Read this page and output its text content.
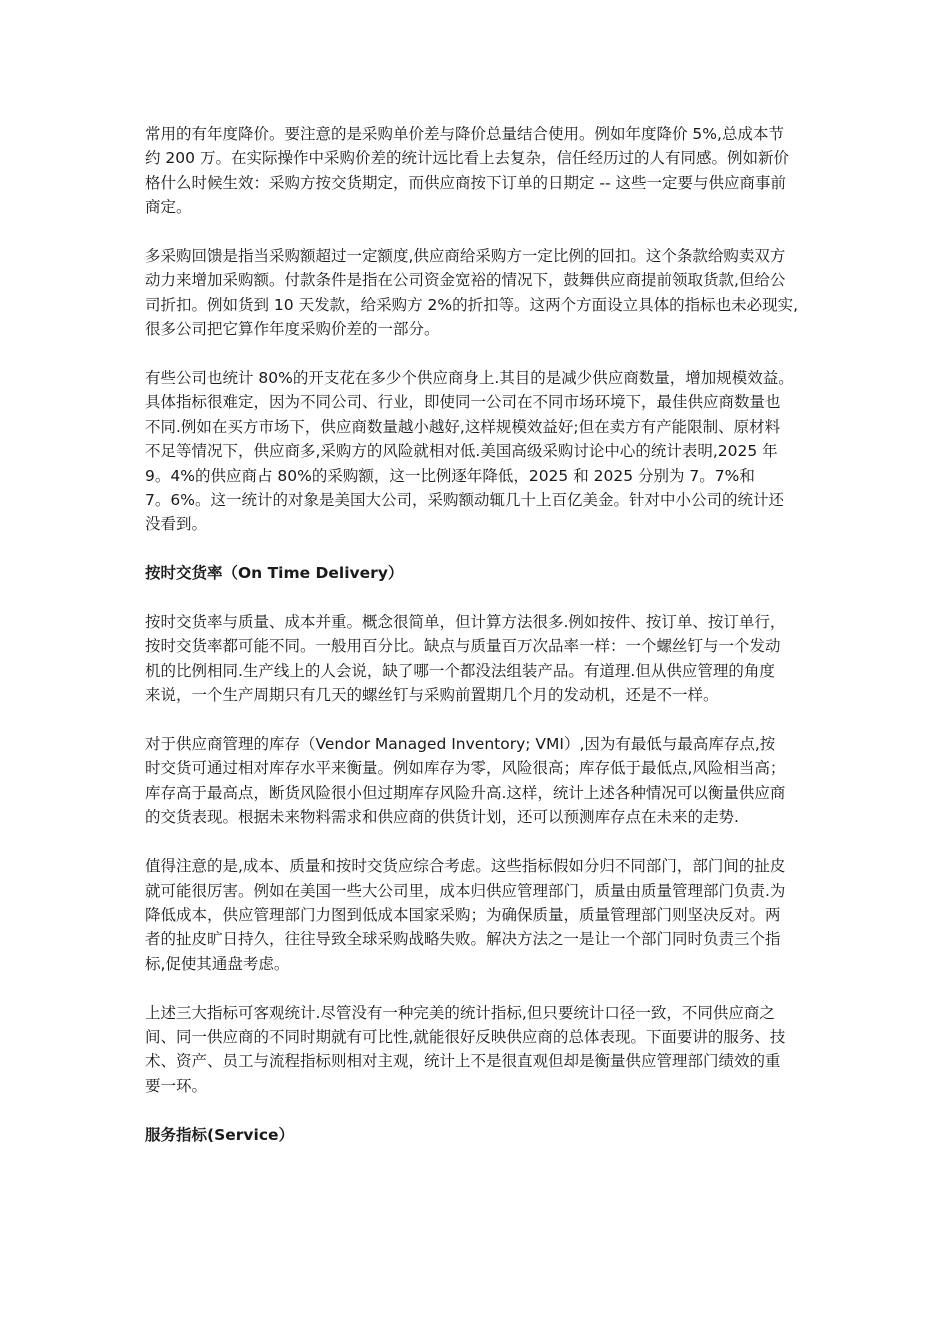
常用的有年度降价。要注意的是采购单价差与降价总量结合使用。例如年度降价 5%,总成本节
约 200 万。在实际操作中采购价差的统计远比看上去复杂，信任经历过的人有同感。例如新价
格什么时候生效：采购方按交货期定，而供应商按下订单的日期定 -- 这些一定要与供应商事前
商定。

多采购回馈是指当采购额超过一定额度,供应商给采购方一定比例的回扣。这个条款给购卖双方
动力来增加采购额。付款条件是指在公司资金宽裕的情况下，鼓舞供应商提前领取货款,但给公
司折扣。例如货到 10 天发款，给采购方 2%的折扣等。这两个方面设立具体的指标也未必现实,
很多公司把它算作年度采购价差的一部分。

有些公司也统计 80%的开支花在多少个供应商身上.其目的是减少供应商数量，增加规模效益。
具体指标很难定，因为不同公司、行业，即使同一公司在不同市场环境下，最佳供应商数量也
不同.例如在买方市场下，供应商数量越小越好,这样规模效益好;但在卖方有产能限制、原材料
不足等情况下，供应商多,采购方的风险就相对低.美国高级采购讨论中心的统计表明,2025 年
9。4%的供应商占 80%的采购额，这一比例逐年降低，2025 和 2025 分别为 7。7%和
7。6%。这一统计的对象是美国大公司，采购额动辄几十上百亿美金。针对中小公司的统计还
没看到。

按时交货率（On Time Delivery）

按时交货率与质量、成本并重。概念很简单，但计算方法很多.例如按件、按订单、按订单行，
按时交货率都可能不同。一般用百分比。缺点与质量百万次品率一样：一个螺丝钉与一个发动
机的比例相同.生产线上的人会说，缺了哪一个都没法组装产品。有道理.但从供应管理的角度
来说，一个生产周期只有几天的螺丝钉与采购前置期几个月的发动机，还是不一样。

对于供应商管理的库存（Vendor Managed Inventory; VMI）,因为有最低与最高库存点,按
时交货可通过相对库存水平来衡量。例如库存为零，风险很高；库存低于最低点,风险相当高；
库存高于最高点，断货风险很小但过期库存风险升高.这样，统计上述各种情况可以衡量供应商
的交货表现。根据未来物料需求和供应商的供货计划，还可以预测库存点在未来的走势.

值得注意的是,成本、质量和按时交货应综合考虑。这些指标假如分归不同部门，部门间的扯皮
就可能很厉害。例如在美国一些大公司里，成本归供应管理部门，质量由质量管理部门负责.为
降低成本，供应管理部门力图到低成本国家采购；为确保质量，质量管理部门则坚决反对。两
者的扯皮旷日持久，往往导致全球采购战略失败。解决方法之一是让一个部门同时负责三个指
标,促使其通盘考虑。

上述三大指标可客观统计.尽管没有一种完美的统计指标,但只要统计口径一致，不同供应商之
间、同一供应商的不同时期就有可比性,就能很好反映供应商的总体表现。下面要讲的服务、技
术、资产、员工与流程指标则相对主观，统计上不是很直观但却是衡量供应管理部门绩效的重
要一环。

服务指标(Service）
